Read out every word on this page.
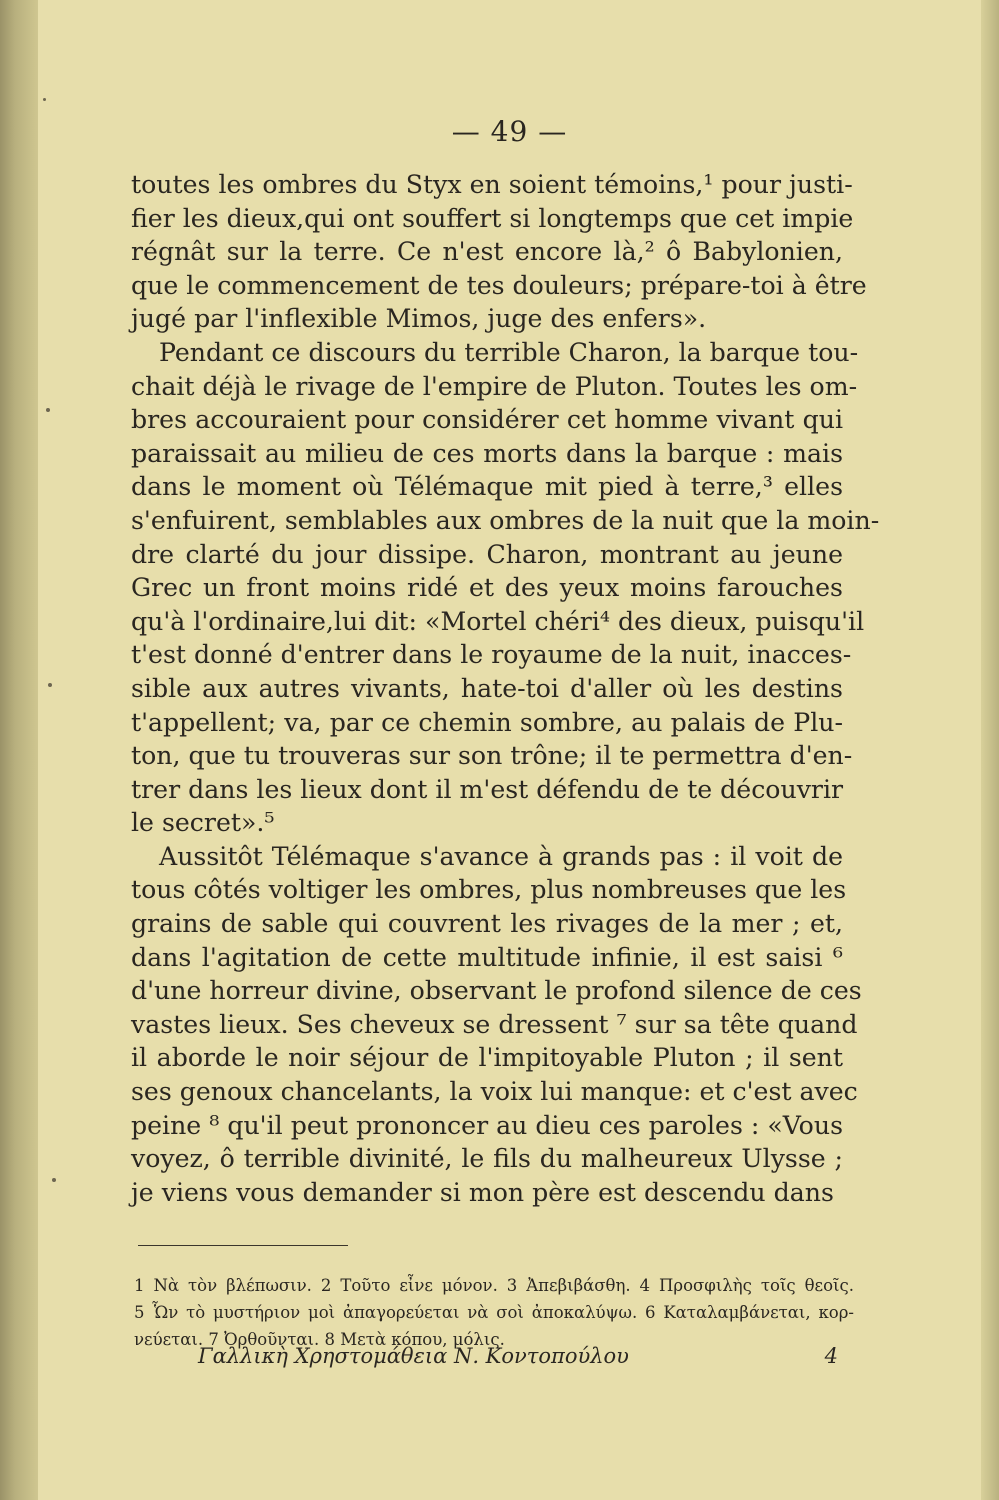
— 49 —

toutes les ombres du Styx en soient témoins,¹ pour justi-
fier les dieux,qui ont souffert si longtemps que cet impie
régnât sur la terre. Ce n'est encore là,² ô Babylonien,
que le commencement de tes douleurs; prépare-toi à être
jugé par l'inflexible Mimos, juge des enfers».

Pendant ce discours du terrible Charon, la barque tou-
chait déjà le rivage de l'empire de Pluton. Toutes les om-
bres accouraient pour considérer cet homme vivant qui
paraissait au milieu de ces morts dans la barque : mais
dans le moment où Télémaque mit pied à terre,³ elles
s'enfuirent, semblables aux ombres de la nuit que la moin-
dre clarté du jour dissipe. Charon, montrant au jeune
Grec un front moins ridé et des yeux moins farouches
qu'à l'ordinaire,lui dit: «Mortel chéri⁴ des dieux, puisqu'il
t'est donné d'entrer dans le royaume de la nuit, inacces-
sible aux autres vivants, hate-toi d'aller où les destins
t'appellent; va, par ce chemin sombre, au palais de Plu-
ton, que tu trouveras sur son trône; il te permettra d'en-
trer dans les lieux dont il m'est défendu de te découvrir
le secret».⁵

Aussitôt Télémaque s'avance à grands pas : il voit de
tous côtés voltiger les ombres, plus nombreuses que les
grains de sable qui couvrent les rivages de la mer ; et,
dans l'agitation de cette multitude infinie, il est saisi ⁶
d'une horreur divine, observant le profond silence de ces
vastes lieux. Ses cheveux se dressent ⁷ sur sa tête quand
il aborde le noir séjour de l'impitoyable Pluton ; il sent
ses genoux chancelants, la voix lui manque: et c'est avec
peine ⁸ qu'il peut prononcer au dieu ces paroles : «Vous
voyez, ô terrible divinité, le fils du malheureux Ulysse ;
je viens vous demander si mon père est descendu dans

1 Νὰ τὸν βλέπωσιν. 2 Τοῦτο εἶνε μόνον. 3 Ἀπεβιβάσθη. 4 Προσφιλὴς τοῖς θεοῖς.
5 Ὧν τὸ μυστήριον μοὶ ἀπαγορεύεται νὰ σοὶ ἀποκαλύψω. 6 Καταλαμβάνεται, κορ-
νεύεται. 7 Ὀρθοῦνται. 8 Μετὰ κόπου, μόλις.
Γαλλικὴ Χρηστομάθεια Ν. Κοντοπούλου	4
